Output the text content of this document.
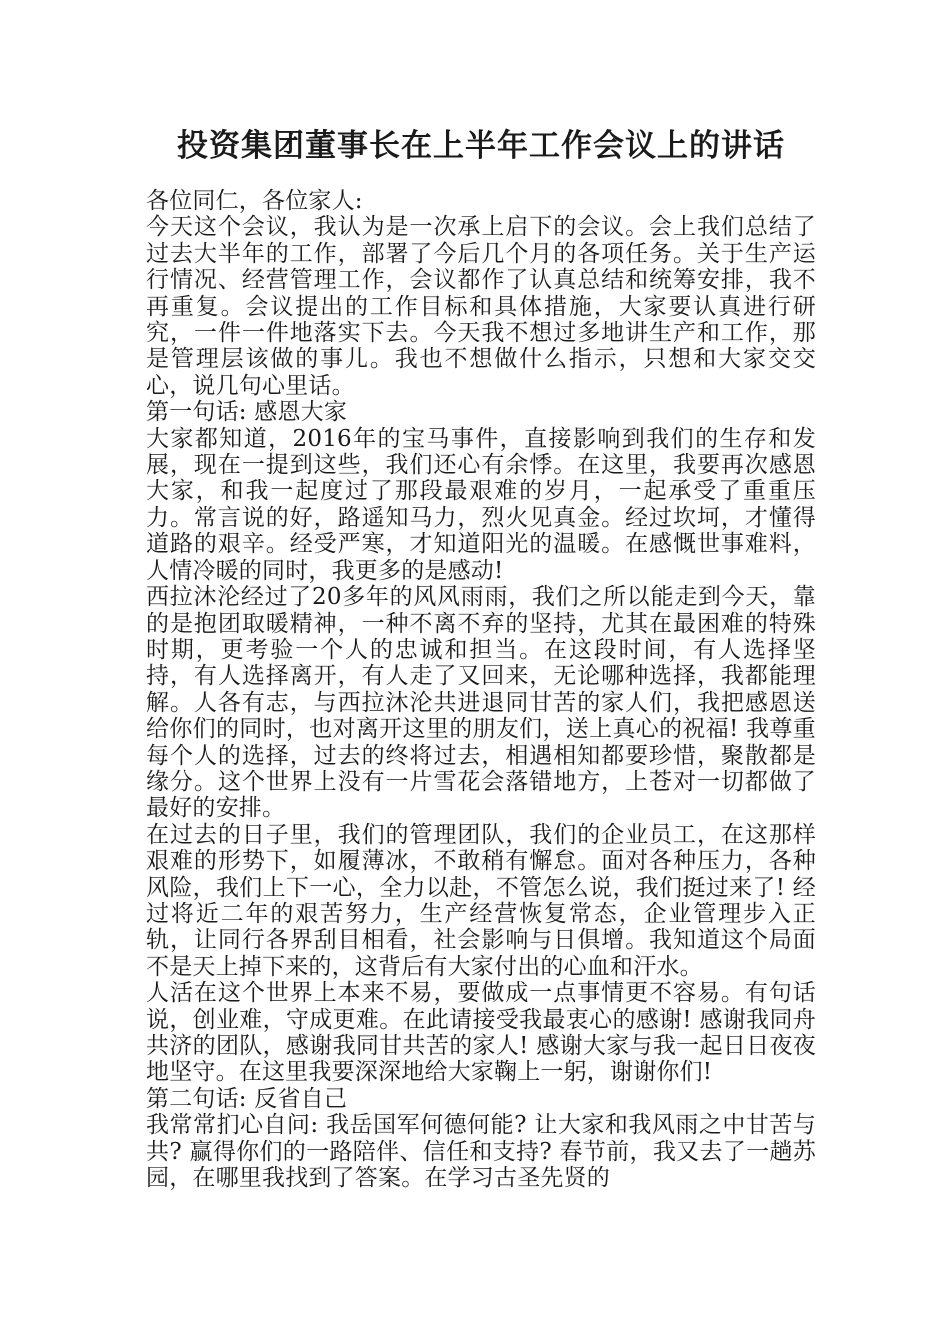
投资集团董事长在上半年工作会议上的讲话

各位同仁，各位家人:

今天这个会议，我认为是一次承上启下的会议。会上我们总结了过去大半年的工作，部署了今后几个月的各项任务。关于生产运行情况、经营管理工作，会议都作了认真总结和统筹安排，我不再重复。会议提出的工作目标和具体措施，大家要认真进行研究，一件一件地落实下去。今天我不想过多地讲生产和工作，那是管理层该做的事儿。我也不想做什么指示，只想和大家交交心，说几句心里话。

第一句话: 感恩大家

大家都知道，2016年的宝马事件，直接影响到我们的生存和发展，现在一提到这些，我们还心有余悸。在这里，我要再次感恩大家，和我一起度过了那段最艰难的岁月，一起承受了重重压力。常言说的好，路遥知马力，烈火见真金。经过坎坷，才懂得道路的艰辛。经受严寒，才知道阳光的温暖。在感慨世事难料，人情冷暖的同时，我更多的是感动!

西拉沐沦经过了20多年的风风雨雨，我们之所以能走到今天，靠的是抱团取暖精神，一种不离不弃的坚持，尤其在最困难的特殊时期，更考验一个人的忠诚和担当。在这段时间，有人选择坚持，有人选择离开，有人走了又回来，无论哪种选择，我都能理解。人各有志，与西拉沐沦共进退同甘苦的家人们，我把感恩送给你们的同时，也对离开这里的朋友们，送上真心的祝福! 我尊重每个人的选择，过去的终将过去，相遇相知都要珍惜，聚散都是缘分。这个世界上没有一片雪花会落错地方，上苍对一切都做了最好的安排。

在过去的日子里，我们的管理团队，我们的企业员工，在这那样艰难的形势下，如履薄冰，不敢稍有懈怠。面对各种压力，各种风险，我们上下一心，全力以赴，不管怎么说，我们挺过来了! 经过将近二年的艰苦努力，生产经营恢复常态，企业管理步入正轨，让同行各界刮目相看，社会影响与日俱增。我知道这个局面不是天上掉下来的，这背后有大家付出的心血和汗水。

人活在这个世界上本来不易，要做成一点事情更不容易。有句话说，创业难，守成更难。在此请接受我最衷心的感谢! 感谢我同舟共济的团队，感谢我同甘共苦的家人! 感谢大家与我一起日日夜夜地坚守。在这里我要深深地给大家鞠上一躬，谢谢你们!

第二句话: 反省自己

我常常扪心自问: 我岳国军何德何能? 让大家和我风雨之中甘苦与共? 赢得你们的一路陪伴、信任和支持? 春节前，我又去了一趟苏园，在哪里我找到了答案。在学习古圣先贤的
